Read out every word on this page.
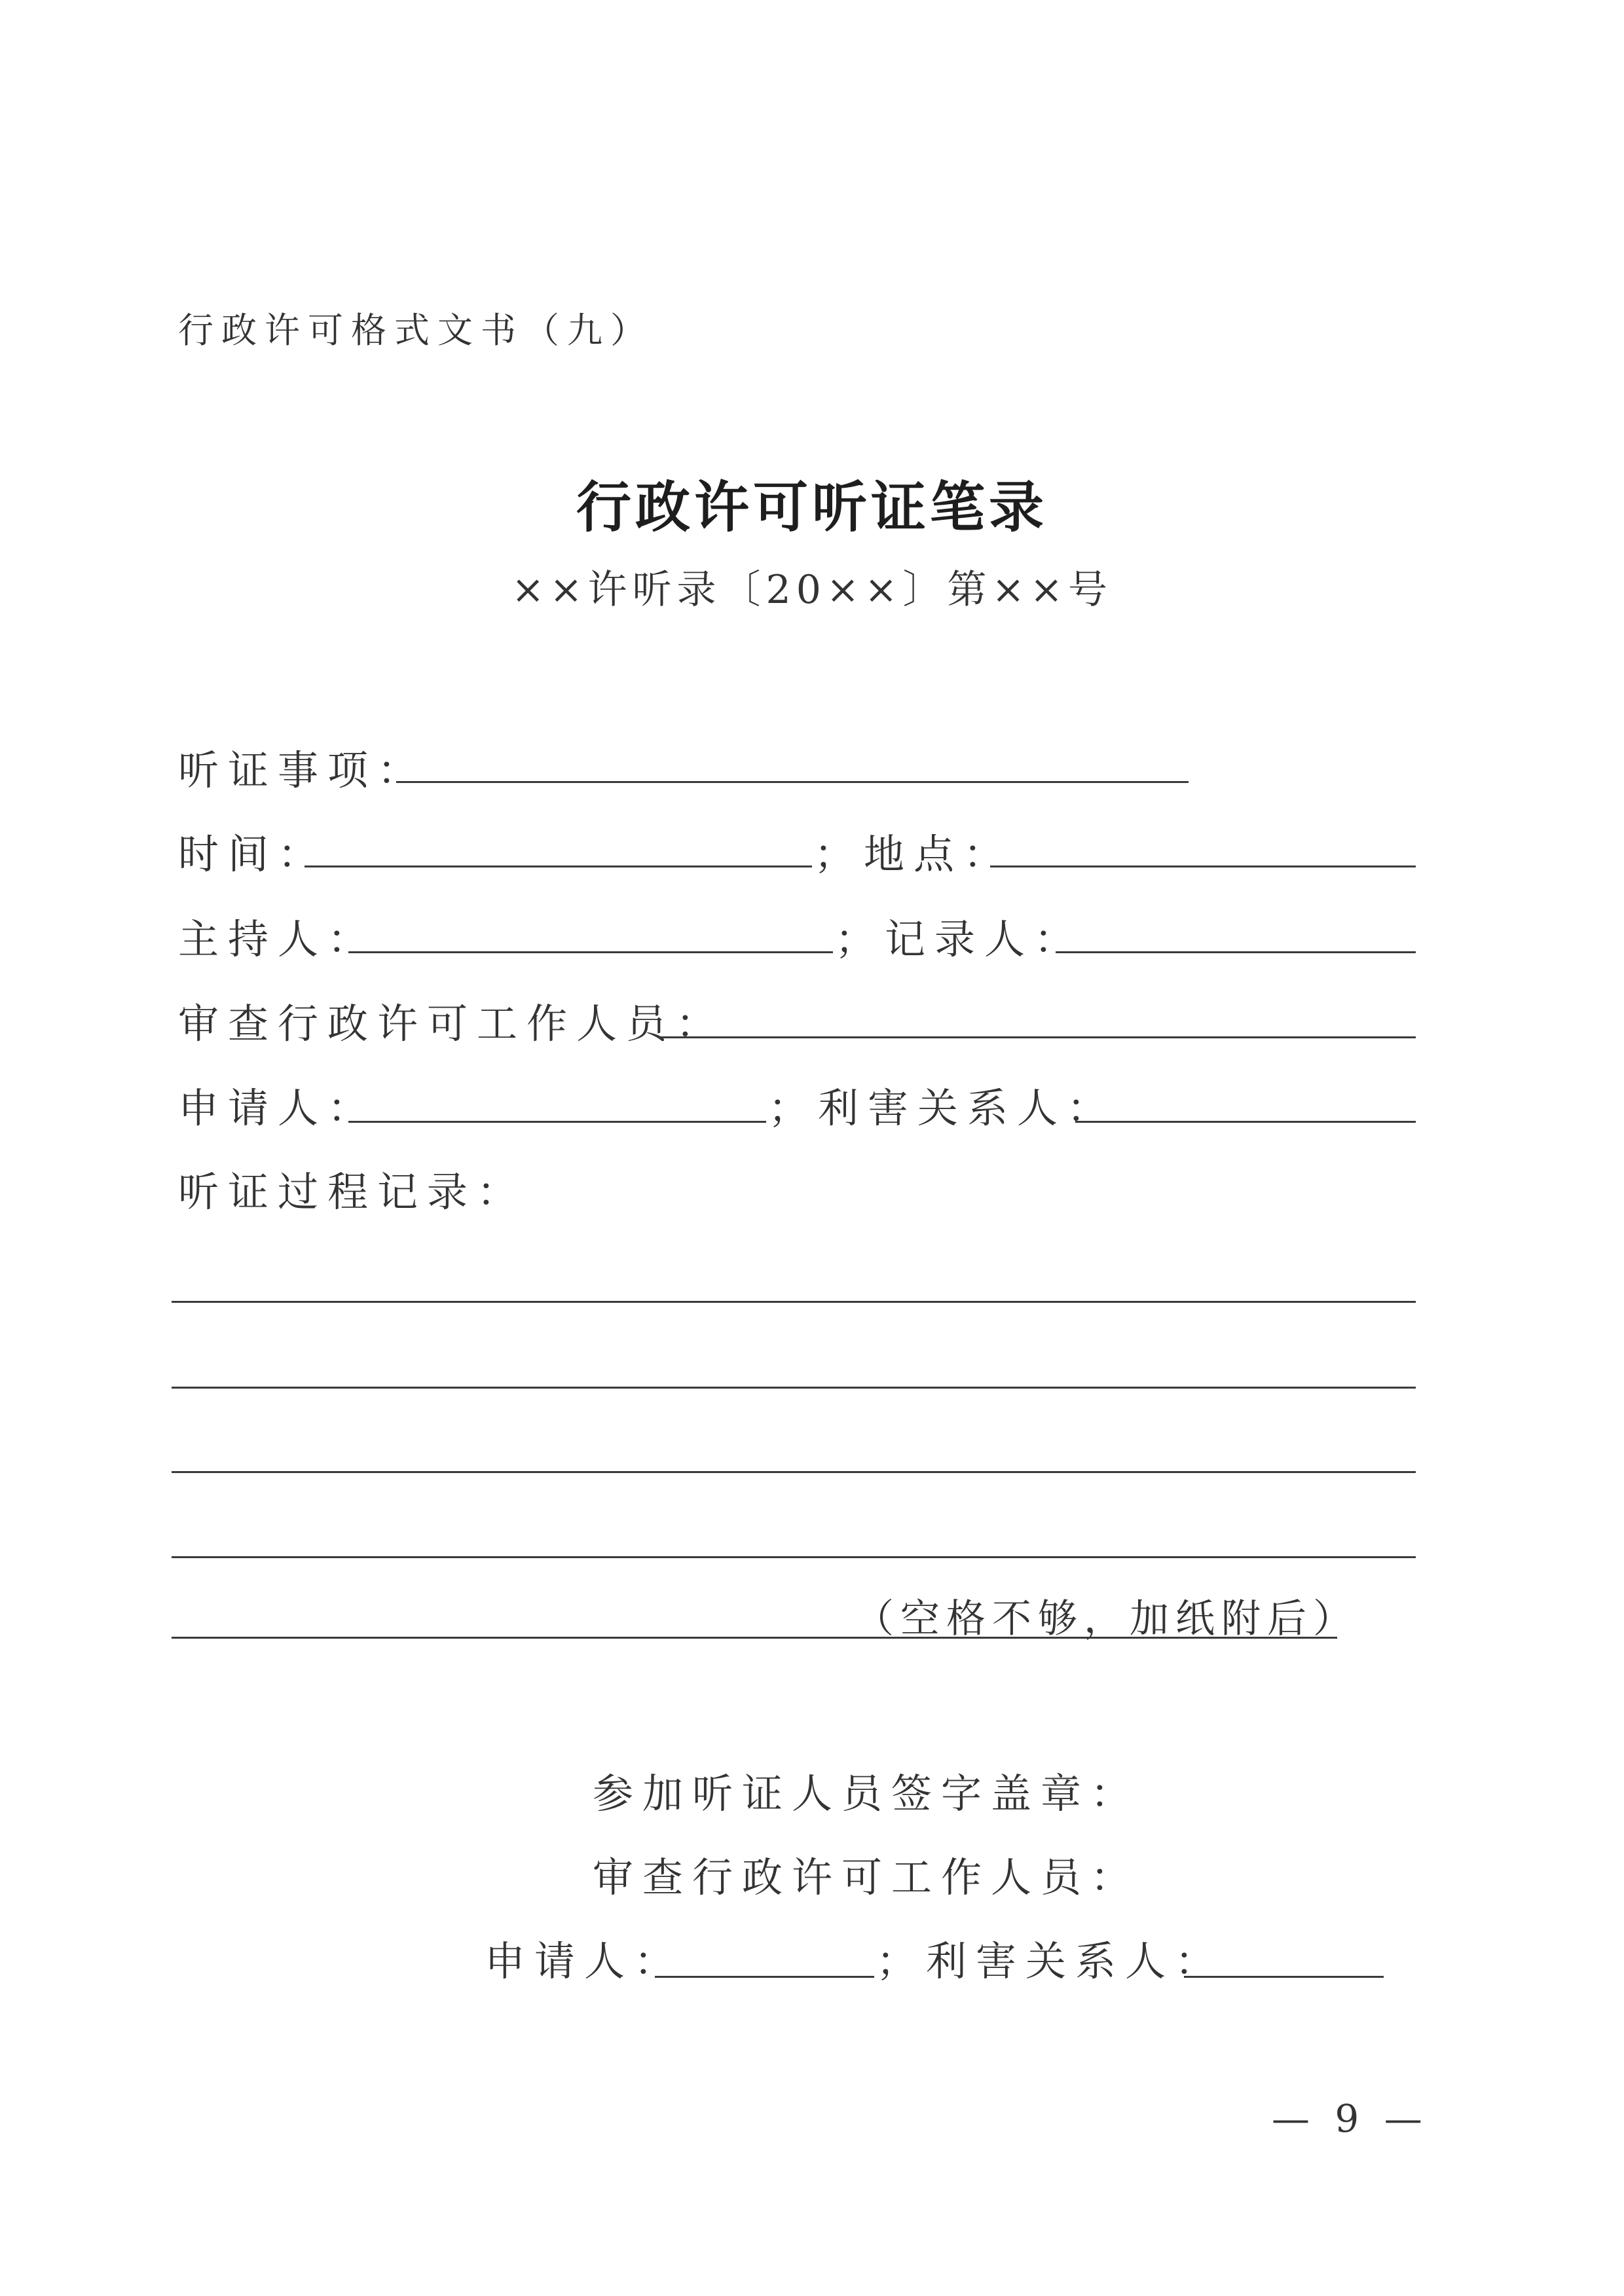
行政许可格式文书（九）
行政许可听证笔录
××许听录〔20××〕第××号
听证事项：
时间：	；地点：
主持人：	；记录人：
审查行政许可工作人员：
申请人：	；利害关系人：
听证过程记录：
（空格不够，加纸附后）
参加听证人员签字盖章：
审查行政许可工作人员：
申请人：	；利害关系人：
— 9 —
